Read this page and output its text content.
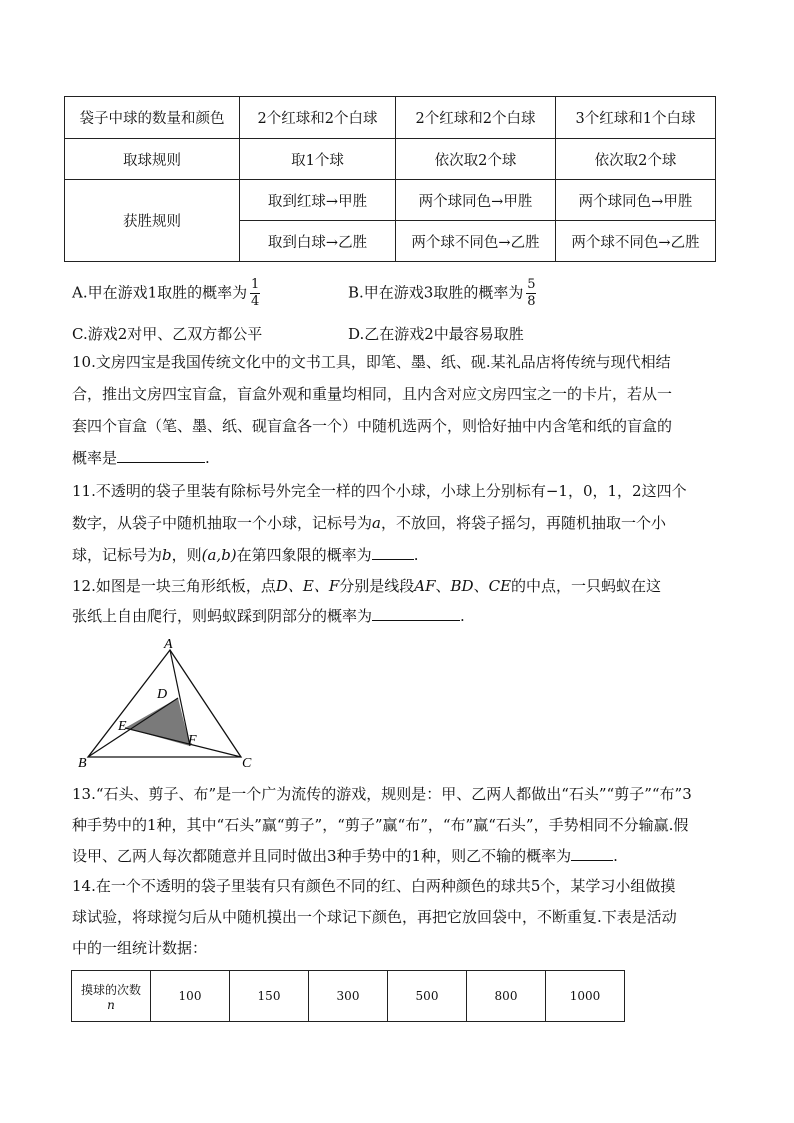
袋子中球的数量和颜色	2个红球和2个白球	2个红球和2个白球	3个红球和1个白球
取球规则	取1个球	依次取2个球	依次取2个球
获胜规则	取到红球→甲胜	两个球同色→甲胜	两个球同色→甲胜
	取到白球→乙胜	两个球不同色→乙胜	两个球不同色→乙胜
A.甲在游戏1取胜的概率为 $\frac{1}{4}$	B.甲在游戏3取胜的概率为 $\frac{5}{8}$
C.游戏2对甲、乙双方都公平	D.乙在游戏2中最容易取胜
10.文房四宝是我国传统文化中的文书工具，即笔、墨、纸、砚.某礼品店将传统与现代相结
合，推出文房四宝盲盒，盲盒外观和重量均相同，且内含对应文房四宝之一的卡片，若从一
套四个盲盒（笔、墨、纸、砚盲盒各一个）中随机选两个，则恰好抽中内含笔和纸的盲盒的
概率是	.
11.不透明的袋子里装有除标号外完全一样的四个小球，小球上分别标有−1，0，1，2这四个
数字，从袋子中随机抽取一个小球，记标号为a，不放回，将袋子摇匀，再随机抽取一个小
球，记标号为b，则(a,b)在第四象限的概率为	.
12.如图是一块三角形纸板，点D、E、F分别是线段AF、BD、CE的中点，一只蚂蚁在这
张纸上自由爬行，则蚂蚁踩到阴部分的概率为	.
A
D
E
F
B	C
13.“石头、剪子、布”是一个广为流传的游戏，规则是：甲、乙两人都做出“石头”“剪子”“布”3
种手势中的1种，其中“石头”赢“剪子”，“剪子”赢“布”，“布”赢“石头”，手势相同不分输赢.假
设甲、乙两人每次都随意并且同时做出3种手势中的1种，则乙不输的概率为	.
14.在一个不透明的袋子里装有只有颜色不同的红、白两种颜色的球共5个，某学习小组做摸
球试验，将球搅匀后从中随机摸出一个球记下颜色，再把它放回袋中，不断重复.下表是活动
中的一组统计数据：
摸球的次数
n
	100	150	300	500	800	1000
